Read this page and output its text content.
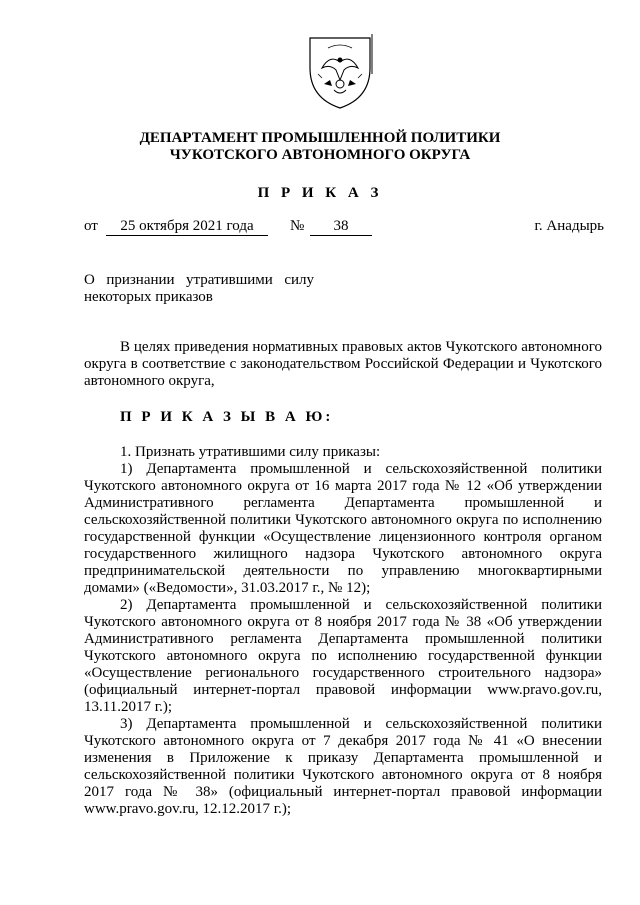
ДЕПАРТАМЕНТ ПРОМЫШЛЕННОЙ ПОЛИТИКИ
ЧУКОТСКОГО АВТОНОМНОГО ОКРУГА
П Р И К А З
от	25 октября 2021 года	№	38	г. Анадырь
О признании утратившими силу некоторых приказов

В целях приведения нормативных правовых актов Чукотского автономного округа в соответствие с законодательством Российской Федерации и Чукотского автономного округа,

П Р И К А З Ы В А Ю:

1. Признать утратившими силу приказы:

1) Департамента промышленной и сельскохозяйственной политики Чукотского автономного округа от 16 марта 2017 года № 12 «Об утверждении Административного регламента Департамента промышленной и сельскохозяйственной политики Чукотского автономного округа по исполнению государственной функции «Осуществление лицензионного контроля органом государственного жилищного надзора Чукотского автономного округа предпринимательской деятельности по управлению многоквартирными домами» («Ведомости», 31.03.2017 г., № 12);

2) Департамента промышленной и сельскохозяйственной политики Чукотского автономного округа от 8 ноября 2017 года № 38 «Об утверждении Административного регламента Департамента промышленной политики Чукотского автономного округа по исполнению государственной функции «Осуществление регионального государственного строительного надзора» (официальный интернет-портал правовой информации www.pravo.gov.ru, 13.11.2017 г.);

3) Департамента промышленной и сельскохозяйственной политики Чукотского автономного округа от 7 декабря 2017 года № 41 «О внесении изменения в Приложение к приказу Департамента промышленной и сельскохозяйственной политики Чукотского автономного округа от 8 ноября 2017 года № 38» (официальный интернет-портал правовой информации www.pravo.gov.ru, 12.12.2017 г.);
